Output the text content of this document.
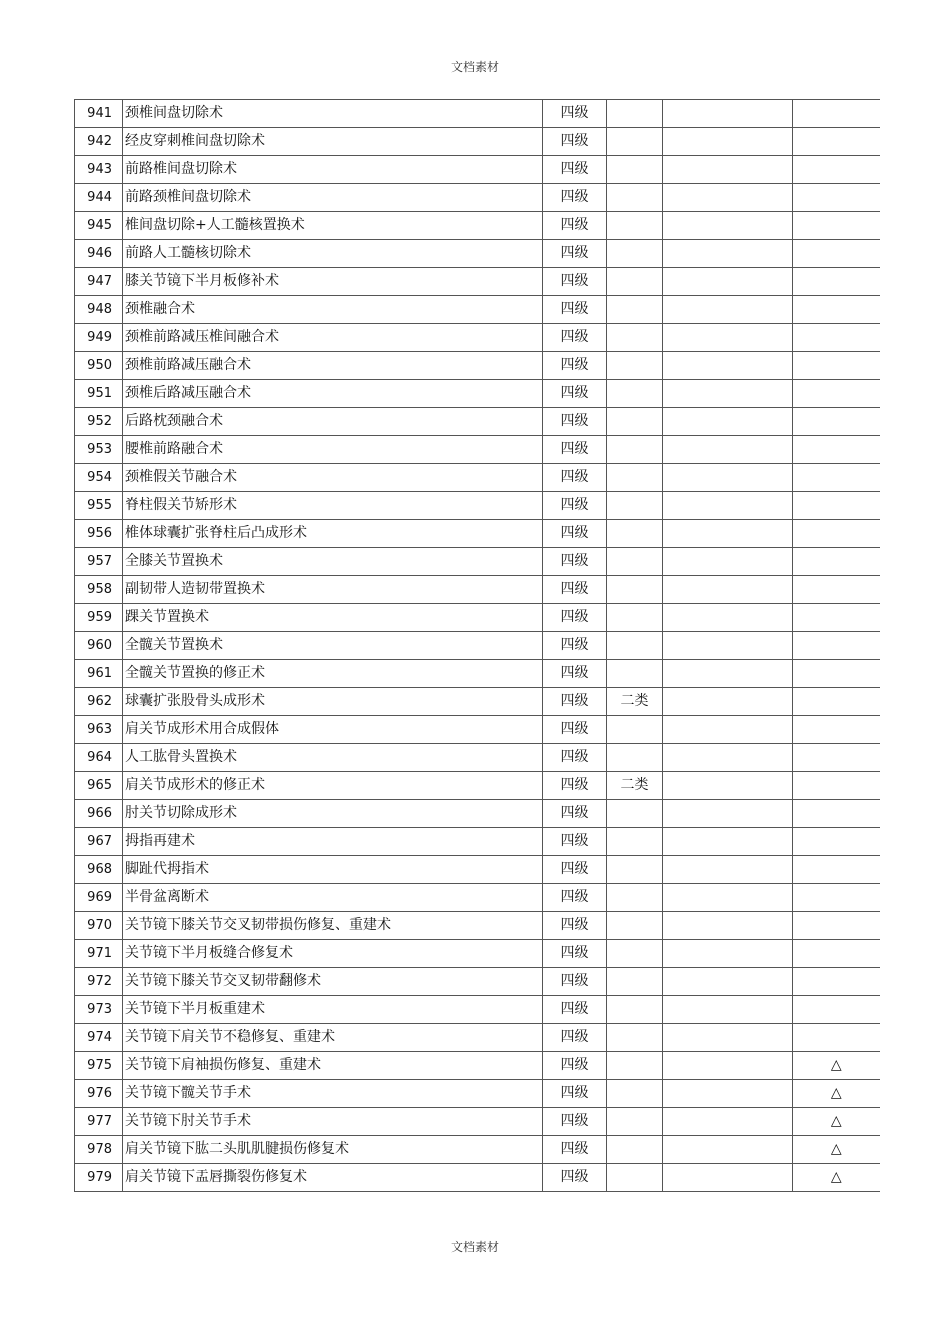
文档素材
941	颈椎间盘切除术	四级			
942	经皮穿刺椎间盘切除术	四级			
943	前路椎间盘切除术	四级			
944	前路颈椎间盘切除术	四级			
945	椎间盘切除+人工髓核置换术	四级			
946	前路人工髓核切除术	四级			
947	膝关节镜下半月板修补术	四级			
948	颈椎融合术	四级			
949	颈椎前路减压椎间融合术	四级			
950	颈椎前路减压融合术	四级			
951	颈椎后路减压融合术	四级			
952	后路枕颈融合术	四级			
953	腰椎前路融合术	四级			
954	颈椎假关节融合术	四级			
955	脊柱假关节矫形术	四级			
956	椎体球囊扩张脊柱后凸成形术	四级			
957	全膝关节置换术	四级			
958	副韧带人造韧带置换术	四级			
959	踝关节置换术	四级			
960	全髋关节置换术	四级			
961	全髋关节置换的修正术	四级			
962	球囊扩张股骨头成形术	四级	二类		
963	肩关节成形术用合成假体	四级			
964	人工肱骨头置换术	四级			
965	肩关节成形术的修正术	四级	二类		
966	肘关节切除成形术	四级			
967	拇指再建术	四级			
968	脚趾代拇指术	四级			
969	半骨盆离断术	四级			
970	关节镜下膝关节交叉韧带损伤修复、重建术	四级			
971	关节镜下半月板缝合修复术	四级			
972	关节镜下膝关节交叉韧带翻修术	四级			
973	关节镜下半月板重建术	四级			
974	关节镜下肩关节不稳修复、重建术	四级			
975	关节镜下肩袖损伤修复、重建术	四级			△
976	关节镜下髋关节手术	四级			△
977	关节镜下肘关节手术	四级			△
978	肩关节镜下肱二头肌肌腱损伤修复术	四级			△
979	肩关节镜下盂唇撕裂伤修复术	四级			△
文档素材
